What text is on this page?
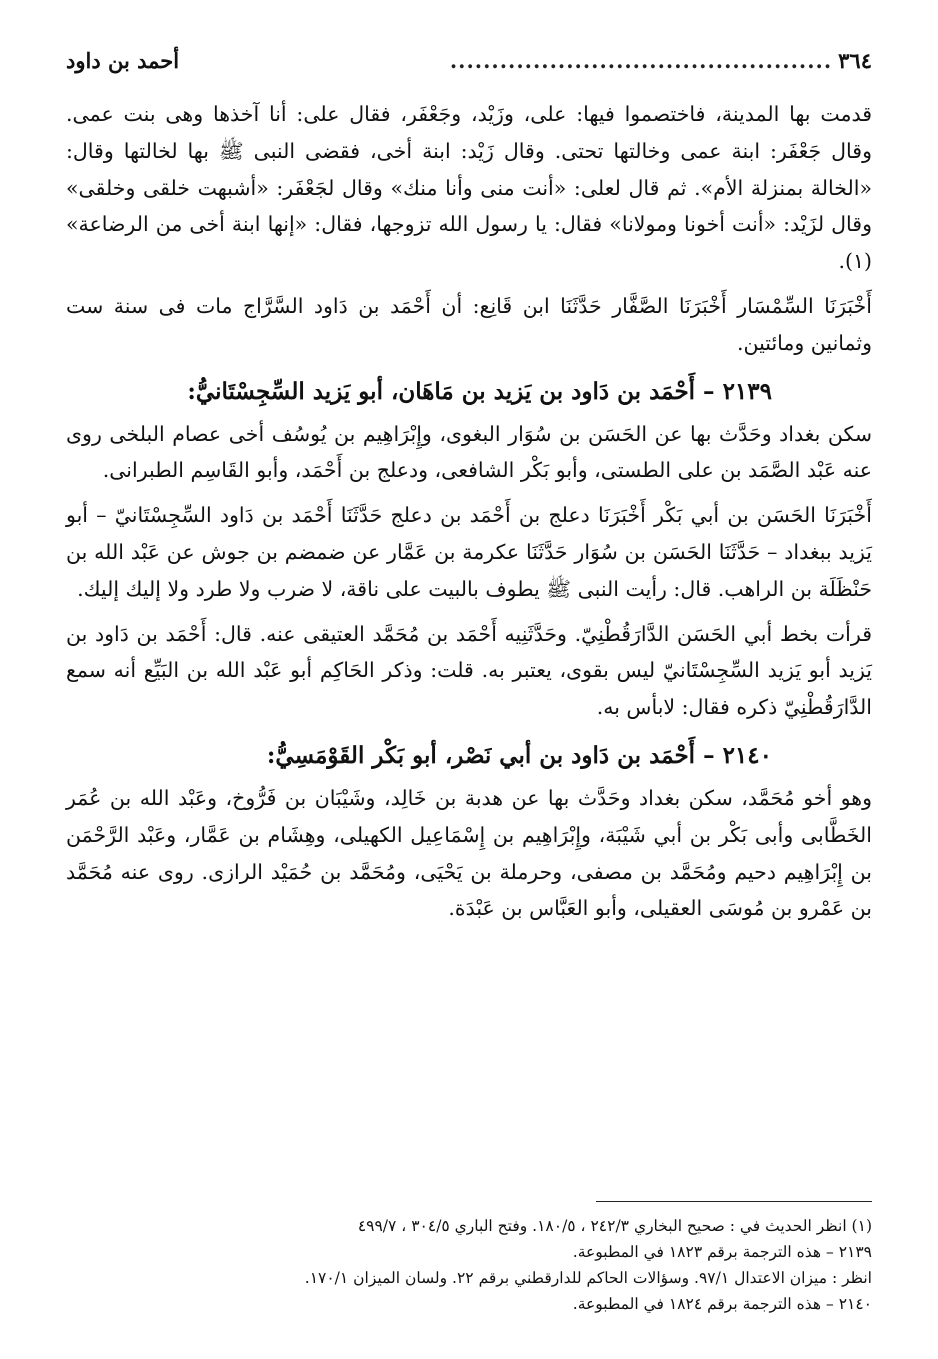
٣٦٤
..............................................
أحمد بن داود

قدمت بها المدينة، فاختصموا فيها: على، وزَيْد، وجَعْفَر، فقال على: أنا آخذها وهى بنت عمى. وقال جَعْفَر: ابنة عمى وخالتها تحتى. وقال زَيْد: ابنة أخى، فقضى النبى ﷺ بها لخالتها وقال: «الخالة بمنزلة الأم». ثم قال لعلى: «أنت منى وأنا منك» وقال لجَعْفَر: «أشبهت خلقى وخلقى» وقال لزَيْد: «أنت أخونا ومولانا» فقال: يا رسول الله تزوجها، فقال: «إنها ابنة أخى من الرضاعة» (١).

أَخْبَرَنَا السِّمْسَار أَخْبَرَنَا الصَّفَّار حَدَّثَنَا ابن قَانِع: أن أَحْمَد بن دَاود السَّرَّاج مات فى سنة ست وثمانين ومائتين.

٢١٣٩ – أَحْمَد بن دَاود بن يَزيد بن مَاهَان، أبو يَزيد السِّجِسْتَانيُّ:

سكن بغداد وحَدَّث بها عن الحَسَن بن سُوَار البغوى، وإِبْرَاهِيم بن يُوسُف أخى عصام البلخى روى عنه عَبْد الصَّمَد بن على الطستى، وأبو بَكْر الشافعى، ودعلج بن أَحْمَد، وأبو القَاسِم الطبرانى.

أَخْبَرَنَا الحَسَن بن أبي بَكْر أَخْبَرَنَا دعلج بن أَحْمَد بن دعلج حَدَّثَنَا أَحْمَد بن دَاود السِّجِسْتَانيّ – أبو يَزيد ببغداد – حَدَّثَنَا الحَسَن بن سُوَار حَدَّثَنَا عكرمة بن عَمَّار عن ضمضم بن جوش عن عَبْد الله بن حَنْظَلَة بن الراهب. قال: رأيت النبى ﷺ يطوف بالبيت على ناقة، لا ضرب ولا طرد ولا إليك إليك.

قرأت بخط أبي الحَسَن الدَّارَقُطْنِيّ. وحَدَّثَنِيه أَحْمَد بن مُحَمَّد العتيقى عنه. قال: أَحْمَد بن دَاود بن يَزيد أبو يَزيد السِّجِسْتَانيّ ليس بقوى، يعتبر به. قلت: وذكر الحَاكِم أبو عَبْد الله بن البَيِّع أنه سمع الدَّارَقُطْنِيّ ذكره فقال: لابأس به.

٢١٤٠ – أَحْمَد بن دَاود بن أبي نَصْر، أبو بَكْر القَوْمَسِيُّ:

وهو أخو مُحَمَّد، سكن بغداد وحَدَّث بها عن هدبة بن خَالِد، وشَيْبَان بن فَرُّوخ، وعَبْد الله بن عُمَر الخَطَّابى وأبى بَكْر بن أبي شَيْبَة، وإِبْرَاهِيم بن إِسْمَاعِيل الكهيلى، وهِشَام بن عَمَّار، وعَبْد الرَّحْمَن بن إِبْرَاهِيم دحيم ومُحَمَّد بن مصفى، وحرملة بن يَحْيَى، ومُحَمَّد بن حُمَيْد الرازى. روى عنه مُحَمَّد بن عَمْرو بن مُوسَى العقيلى، وأبو العَبَّاس بن عَبْدَة.

(١) انظر الحديث في : صحيح البخاري ٢٤٢/٣ ، ١٨٠/٥. وفتح الباري ٣٠٤/٥ ، ٤٩٩/٧
٢١٣٩ – هذه الترجمة برقم ١٨٢٣ في المطبوعة.
انظر : ميزان الاعتدال ٩٧/١. وسؤالات الحاكم للدارقطني برقم ٢٢. ولسان الميزان ١٧٠/١.
٢١٤٠ – هذه الترجمة برقم ١٨٢٤ في المطبوعة.
